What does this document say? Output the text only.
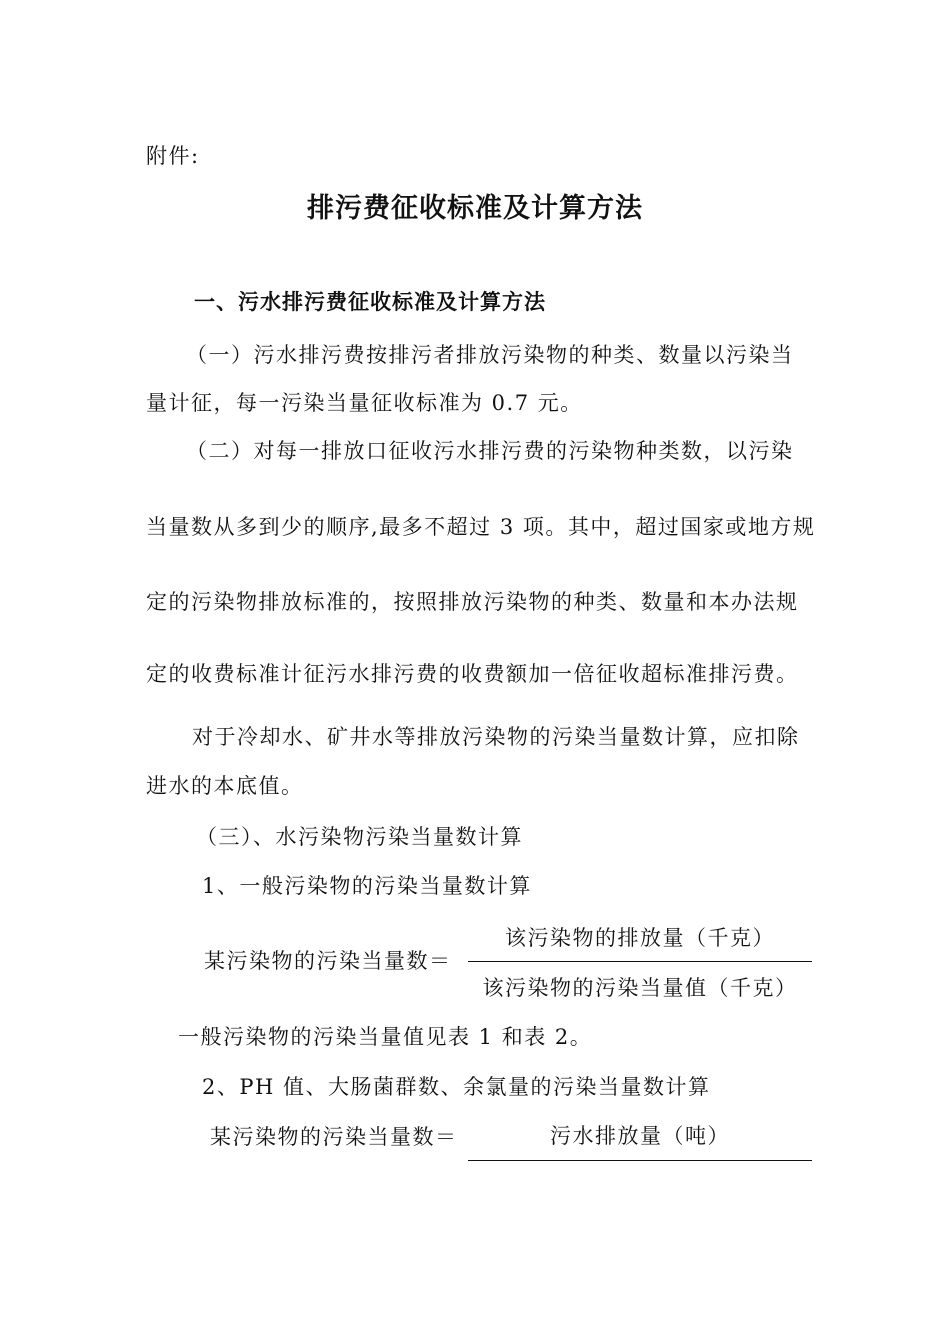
附件:
排污费征收标准及计算方法
一、污水排污费征收标准及计算方法
（一）污水排污费按排污者排放污染物的种类、数量以污染当
量计征，每一污染当量征收标准为 0.7 元。
（二）对每一排放口征收污水排污费的污染物种类数，以污染
当量数从多到少的顺序,最多不超过 3 项。其中，超过国家或地方规
定的污染物排放标准的，按照排放污染物的种类、数量和本办法规
定的收费标准计征污水排污费的收费额加一倍征收超标准排污费。
对于冷却水、矿井水等排放污染物的污染当量数计算，应扣除
进水的本底值。
（三）、水污染物污染当量数计算
1、一般污染物的污染当量数计算
某污染物的污染当量数＝
该污染物的排放量（千克）
该污染物的污染当量值（千克）
一般污染物的污染当量值见表 1 和表 2。
2、PH 值、大肠菌群数、余氯量的污染当量数计算
某污染物的污染当量数＝	污水排放量（吨）
